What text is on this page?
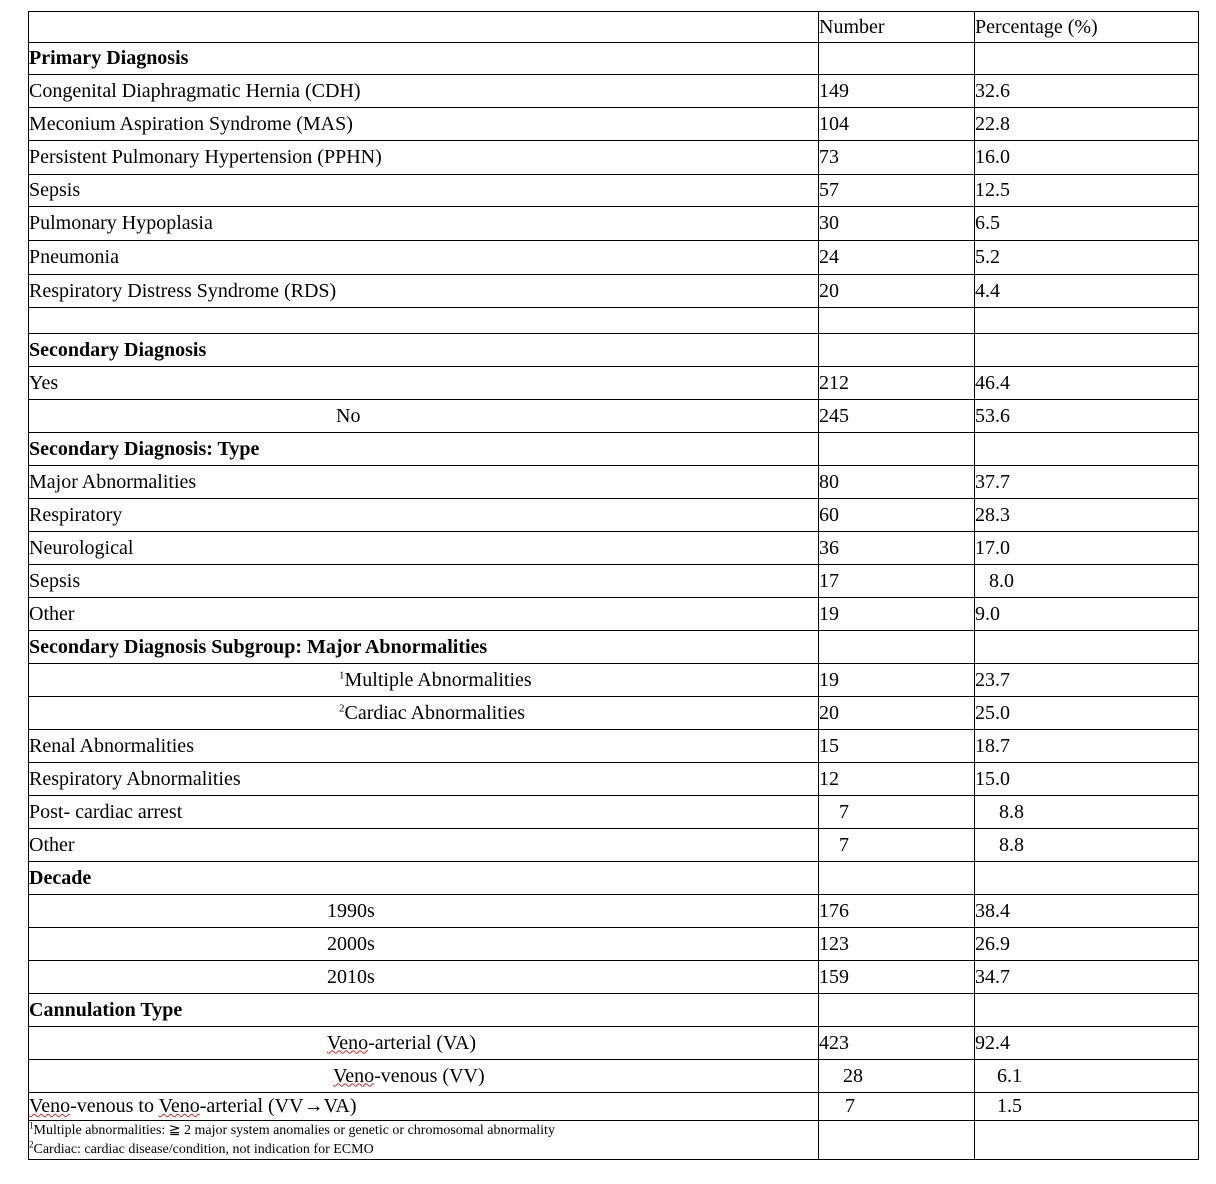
	Number	Percentage (%)
Primary Diagnosis		
Congenital Diaphragmatic Hernia (CDH)	149	32.6
Meconium Aspiration Syndrome (MAS)	104	22.8
Persistent Pulmonary Hypertension (PPHN)	73	16.0
Sepsis	57	12.5
Pulmonary Hypoplasia	30	6.5
Pneumonia	24	5.2
Respiratory Distress Syndrome (RDS)	20	4.4

Secondary Diagnosis		
Yes	212	46.4
No	245	53.6
Secondary Diagnosis: Type		
Major Abnormalities	80	37.7
Respiratory	60	28.3
Neurological	36	17.0
Sepsis	17	8.0
Other	19	9.0
Secondary Diagnosis Subgroup: Major Abnormalities		
$^1$Multiple Abnormalities	19	23.7
$^2$Cardiac Abnormalities	20	25.0
Renal Abnormalities	15	18.7
Respiratory Abnormalities	12	15.0
Post- cardiac arrest	7	8.8
Other	7	8.8
Decade		
1990s	176	38.4
2000s	123	26.9
2010s	159	34.7
Cannulation Type		
Veno-arterial (VA)	423	92.4
Veno-venous (VV)	28	6.1
Veno-venous to Veno-arterial (VV→VA)	7	1.5

$^1$Multiple abnormalities: ≧ 2 major system anomalies or genetic or chromosomal abnormality
$^2$Cardiac: cardiac disease/condition, not indication for ECMO		
